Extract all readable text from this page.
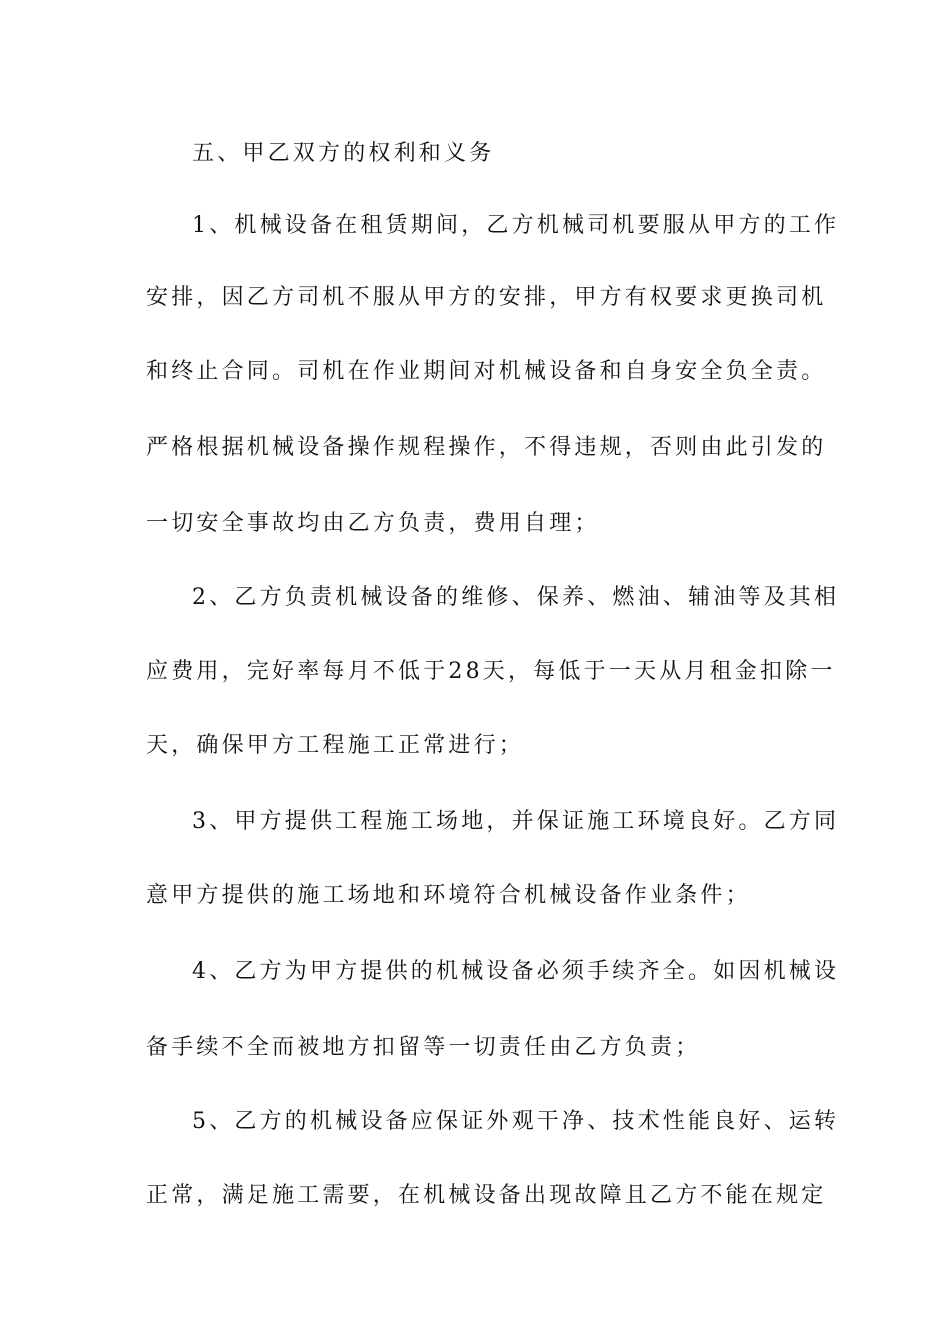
五、甲乙双方的权利和义务
1、机械设备在租赁期间，乙方机械司机要服从甲方的工作
安排，因乙方司机不服从甲方的安排，甲方有权要求更换司机
和终止合同。司机在作业期间对机械设备和自身安全负全责。
严格根据机械设备操作规程操作，不得违规，否则由此引发的
一切安全事故均由乙方负责，费用自理；
2、乙方负责机械设备的维修、保养、燃油、辅油等及其相
应费用，完好率每月不低于28天，每低于一天从月租金扣除一
天，确保甲方工程施工正常进行；
3、甲方提供工程施工场地，并保证施工环境良好。乙方同
意甲方提供的施工场地和环境符合机械设备作业条件；
4、乙方为甲方提供的机械设备必须手续齐全。如因机械设
备手续不全而被地方扣留等一切责任由乙方负责；
5、乙方的机械设备应保证外观干净、技术性能良好、运转
正常，满足施工需要，在机械设备出现故障且乙方不能在规定
